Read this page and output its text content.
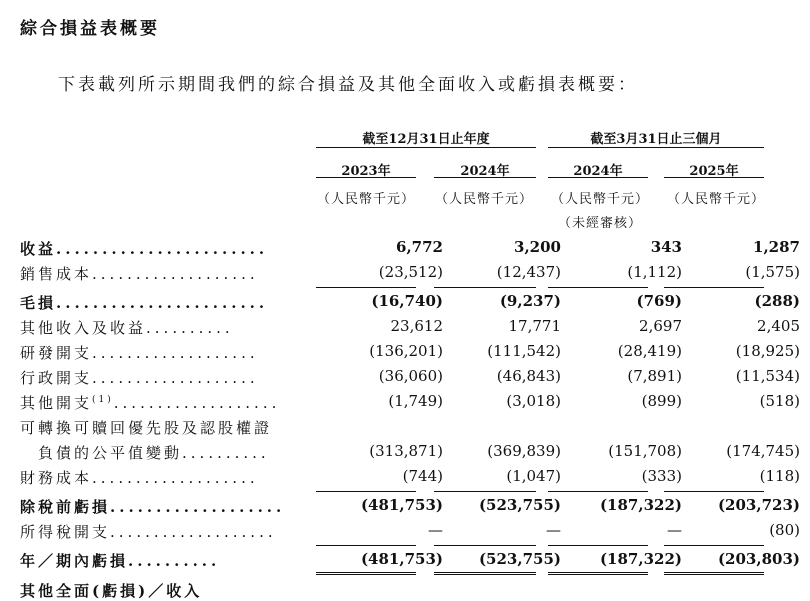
綜合損益表概要
下表載列所示期間我們的綜合損益及其他全面收入或虧損表概要：
截至12月31日止年度	截至3月31日止三個月
2023年	2024年	2024年	2025年
（人民幣千元）	（人民幣千元）	（人民幣千元）	（人民幣千元）
（未經審核）
收益.......................	6,772	3,200	343	1,287
銷售成本...................	(23,512)	(12,437)	(1,112)	(1,575)
毛損.......................	(16,740)	(9,237)	(769)	(288)
其他收入及收益..........	23,612	17,771	2,697	2,405
研發開支...................	(136,201)	(111,542)	(28,419)	(18,925)
行政開支...................	(36,060)	(46,843)	(7,891)	(11,534)
其他開支$^{(1)}$...................	(1,749)	(3,018)	(899)	(518)
可轉換可贖回優先股及認股權證
負債的公平值變動..........	(313,871)	(369,839)	(151,708)	(174,745)
財務成本...................	(744)	(1,047)	(333)	(118)
除稅前虧損...................	(481,753)	(523,755)	(187,322)	(203,723)
所得稅開支...................	—	—	—	(80)
年／期內虧損..........	(481,753)	(523,755)	(187,322)	(203,803)
其他全面(虧損)／收入
